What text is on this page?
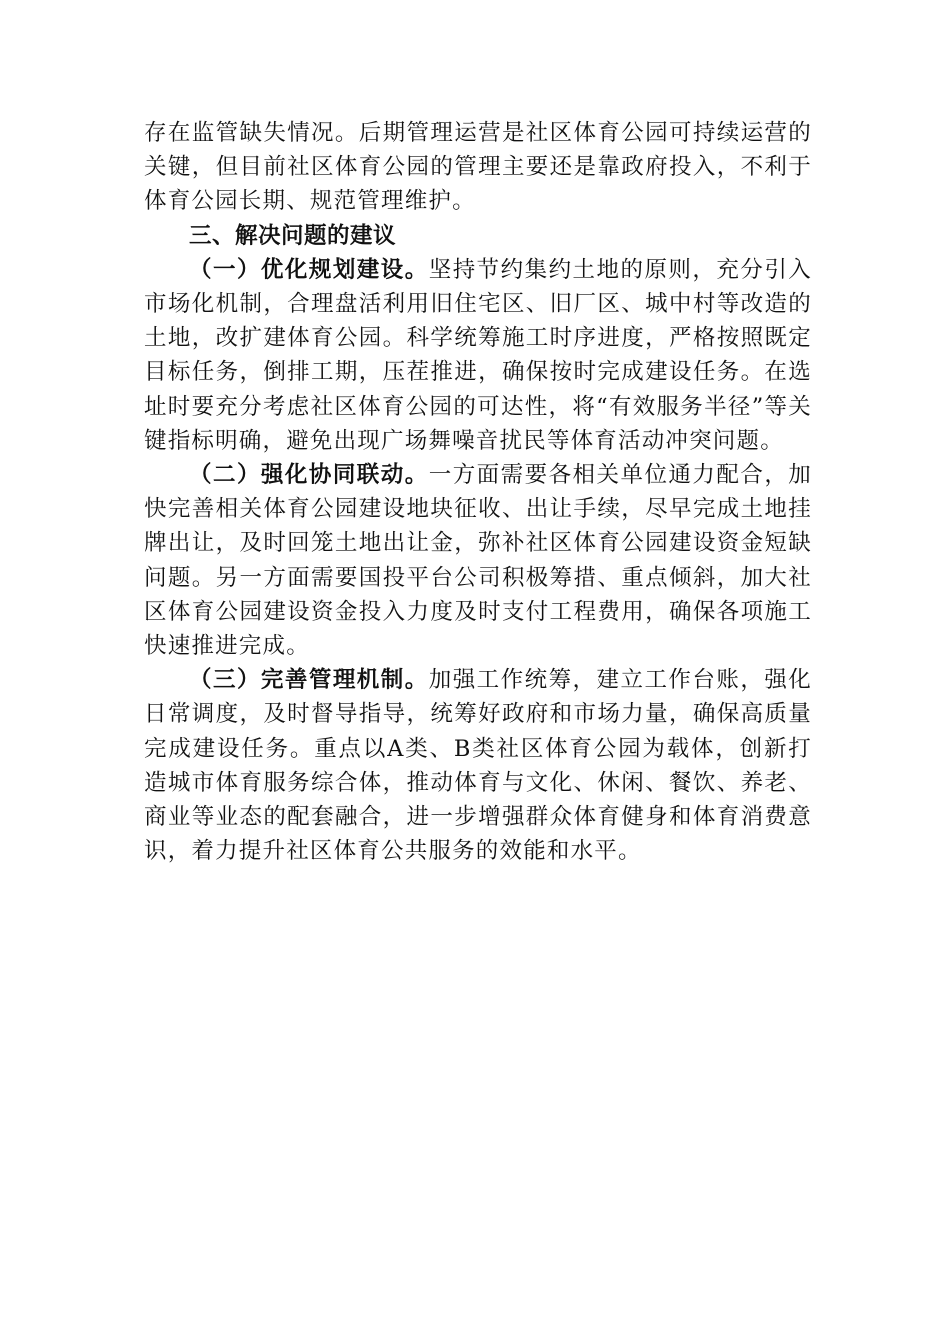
存在监管缺失情况。后期管理运营是社区体育公园可持续运营的关键，但目前社区体育公园的管理主要还是靠政府投入，不利于体育公园长期、规范管理维护。

三、解决问题的建议

（一）优化规划建设。坚持节约集约土地的原则，充分引入市场化机制，合理盘活利用旧住宅区、旧厂区、城中村等改造的土地，改扩建体育公园。科学统筹施工时序进度，严格按照既定目标任务，倒排工期，压茬推进，确保按时完成建设任务。在选址时要充分考虑社区体育公园的可达性，将“有效服务半径”等关键指标明确，避免出现广场舞噪音扰民等体育活动冲突问题。

（二）强化协同联动。一方面需要各相关单位通力配合，加快完善相关体育公园建设地块征收、出让手续，尽早完成土地挂牌出让，及时回笼土地出让金，弥补社区体育公园建设资金短缺问题。另一方面需要国投平台公司积极筹措、重点倾斜，加大社区体育公园建设资金投入力度及时支付工程费用，确保各项施工快速推进完成。

（三）完善管理机制。加强工作统筹，建立工作台账，强化日常调度，及时督导指导，统筹好政府和市场力量，确保高质量完成建设任务。重点以A类、B类社区体育公园为载体，创新打造城市体育服务综合体，推动体育与文化、休闲、餐饮、养老、商业等业态的配套融合，进一步增强群众体育健身和体育消费意识，着力提升社区体育公共服务的效能和水平。
